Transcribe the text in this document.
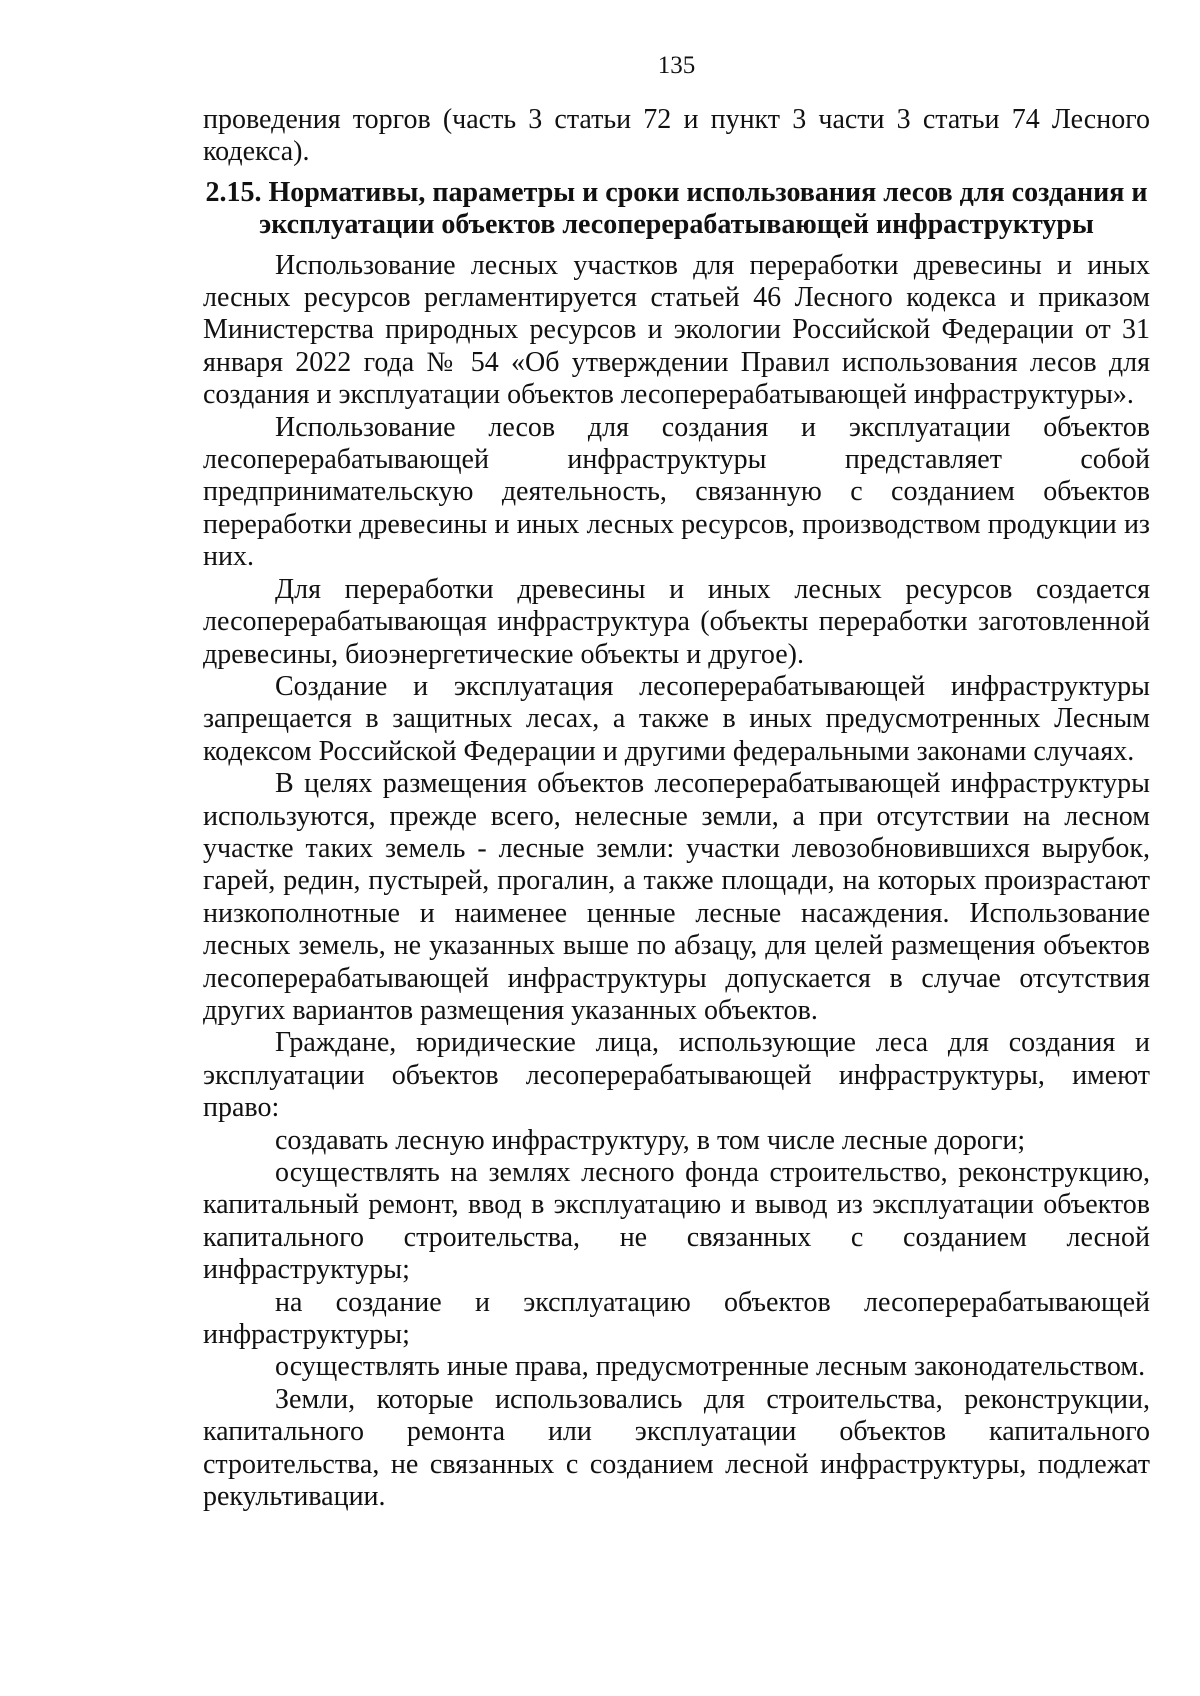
135

проведения торгов (часть 3 статьи 72 и пункт 3 части 3 статьи 74 Лесного кодекса).

2.15. Нормативы, параметры и сроки использования лесов для создания и эксплуатации объектов лесоперерабатывающей инфраструктуры

Использование лесных участков для переработки древесины и иных лесных ресурсов регламентируется статьей 46 Лесного кодекса и приказом Министерства природных ресурсов и экологии Российской Федерации от 31 января 2022 года № 54 «Об утверждении Правил использования лесов для создания и эксплуатации объектов лесоперерабатывающей инфраструктуры».

Использование лесов для создания и эксплуатации объектов лесоперерабатывающей инфраструктуры представляет собой предпринимательскую деятельность, связанную с созданием объектов переработки древесины и иных лесных ресурсов, производством продукции из них.

Для переработки древесины и иных лесных ресурсов создается лесоперерабатывающая инфраструктура (объекты переработки заготовленной древесины, биоэнергетические объекты и другое).

Создание и эксплуатация лесоперерабатывающей инфраструктуры запрещается в защитных лесах, а также в иных предусмотренных Лесным кодексом Российской Федерации и другими федеральными законами случаях.

В целях размещения объектов лесоперерабатывающей инфраструктуры используются, прежде всего, нелесные земли, а при отсутствии на лесном участке таких земель - лесные земли: участки левозобновившихся вырубок, гарей, редин, пустырей, прогалин, а также площади, на которых произрастают низкополнотные и наименее ценные лесные насаждения. Использование лесных земель, не указанных выше по абзацу, для целей размещения объектов лесоперерабатывающей инфраструктуры допускается в случае отсутствия других вариантов размещения указанных объектов.

Граждане, юридические лица, использующие леса для создания и эксплуатации объектов лесоперерабатывающей инфраструктуры, имеют право:

создавать лесную инфраструктуру, в том числе лесные дороги;

осуществлять на землях лесного фонда строительство, реконструкцию, капитальный ремонт, ввод в эксплуатацию и вывод из эксплуатации объектов капитального строительства, не связанных с созданием лесной инфраструктуры;

на создание и эксплуатацию объектов лесоперерабатывающей инфраструктуры;

осуществлять иные права, предусмотренные лесным законодательством.

Земли, которые использовались для строительства, реконструкции, капитального ремонта или эксплуатации объектов капитального строительства, не связанных с созданием лесной инфраструктуры, подлежат рекультивации.
